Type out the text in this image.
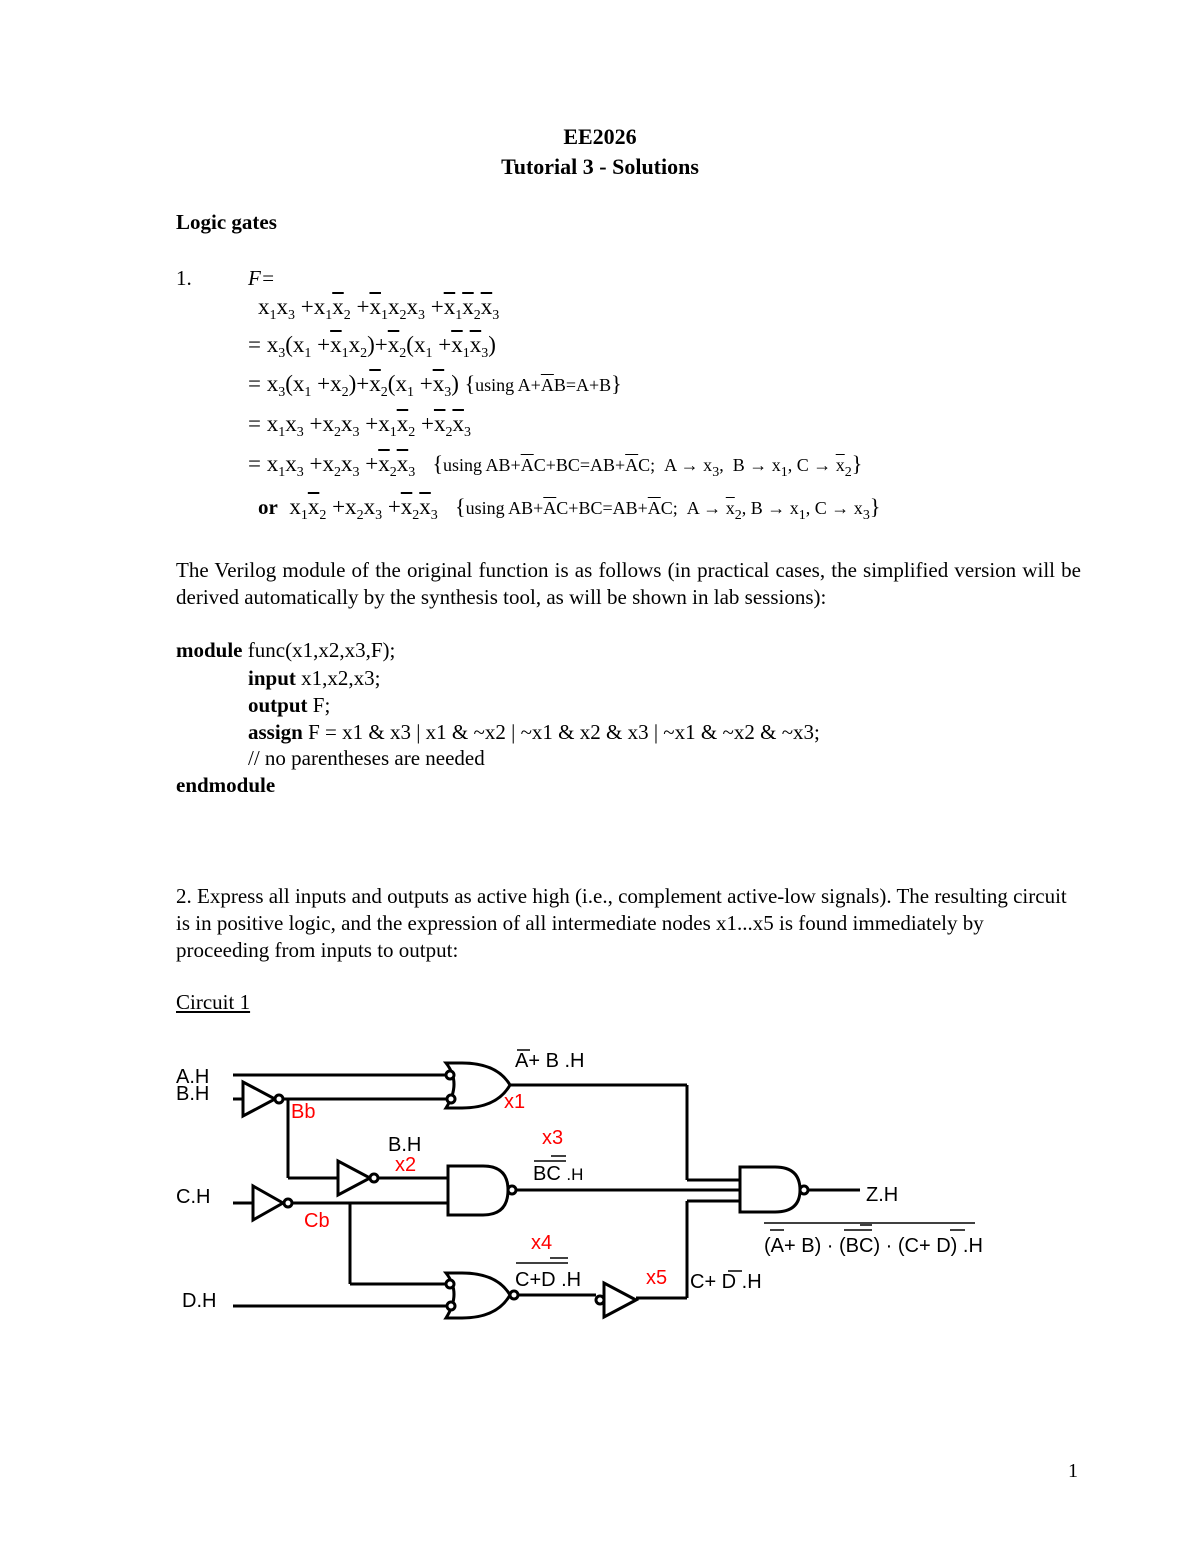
EE2026
Tutorial 3 - Solutions
Logic gates
1.	F=
$x_1x_3 +x_1\overline{x}_2 +\overline{x}_1x_2x_3 +\overline{x}_1\overline{x}_2\overline{x}_3$
= $x_3(x_1 +\overline{x}_1x_2)+\overline{x}_2(x_1 +\overline{x}_1\overline{x}_3)$
= $x_3(x_1 +x_2)+\overline{x}_2(x_1 +\overline{x}_3)$ {using $A+\overline{A}B=A+B$}
= $x_1x_3 +x_2x_3 +x_1\overline{x}_2 +\overline{x}_2\overline{x}_3$
= $x_1x_3 +x_2x_3 +\overline{x}_2\overline{x}_3$ {using $AB+\overline{A}C+BC=AB+\overline{A}C$;  $A \to x_3$,  $B \to x_1$, $C \to \overline{x}_2$}
or  $x_1\overline{x}_2 +x_2x_3 +\overline{x}_2\overline{x}_3$ {using $AB+\overline{A}C+BC=AB+\overline{A}C$;  $A \to \overline{x}_2$, $B \to x_1$, $C \to x_3$}
The Verilog module of the original function is as follows (in practical cases, the simplified version will be derived automatically by the synthesis tool, as will be shown in lab sessions):
module func(x1,x2,x3,F);
input x1,x2,x3;
output F;
assign F = x1 & x3 | x1 & ~x2 | ~x1 & x2 & x3 | ~x1 & ~x2 & ~x3;
// no parentheses are needed
endmodule
2. Express all inputs and outputs as active high (i.e., complement active-low signals). The resulting circuit is in positive logic, and the expression of all intermediate nodes x1...x5 is found immediately by proceeding from inputs to output:
Circuit 1
A.H
B.H
C.H
D.H
B.H
Bb
Cb
x1
x2
x3
x4
x5
A+ B .H
BC .H
C+D .H	C+ D .H
Z.H
(A+ B) · (BC) · (C+ D) .H
1
